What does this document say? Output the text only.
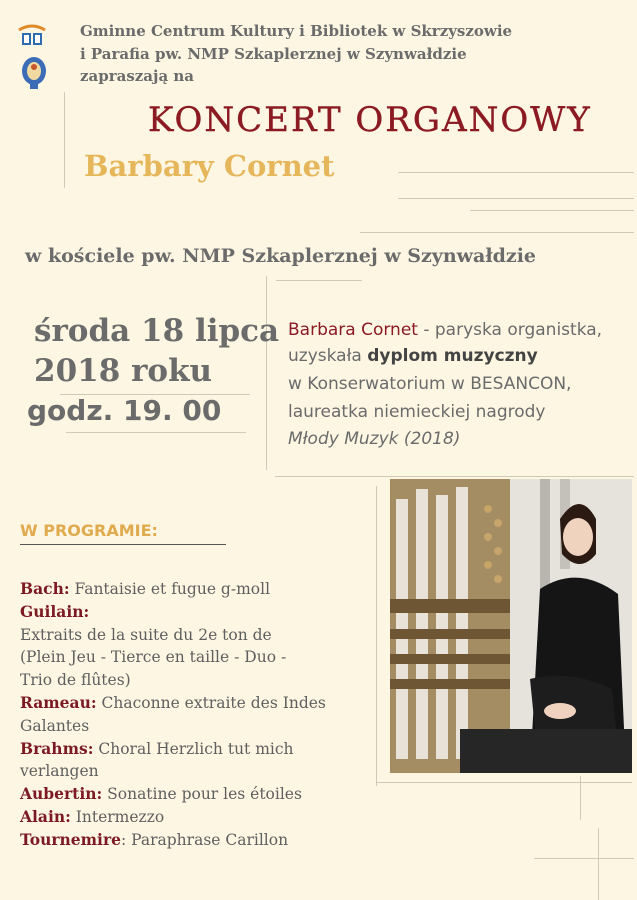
Gminne Centrum Kultury i Bibliotek w Skrzyszowie
i Parafia pw. NMP Szkaplerznej w Szynwałdzie
zapraszają na
KONCERT ORGANOWY
Barbary Cornet
w kościele pw. NMP Szkaplerznej w Szynwałdzie
środa 18 lipca
2018 roku
godz. 19. 00
Barbara Cornet - paryska organistka,
uzyskała dyplom muzyczny
w Konserwatorium w BESANCON,
laureatka niemieckiej nagrody
Młody Muzyk (2018)
W PROGRAMIE:
Bach: Fantaisie et fugue g-moll
Guilain:
Extraits de la suite du 2e ton de
(Plein Jeu - Tierce en taille - Duo -
Trio de flûtes)
Rameau: Chaconne extraite des Indes
Galantes
Brahms: Choral Herzlich tut mich
verlangen
Aubertin: Sonatine pour les étoiles
Alain: Intermezzo
Tournemire: Paraphrase Carillon
